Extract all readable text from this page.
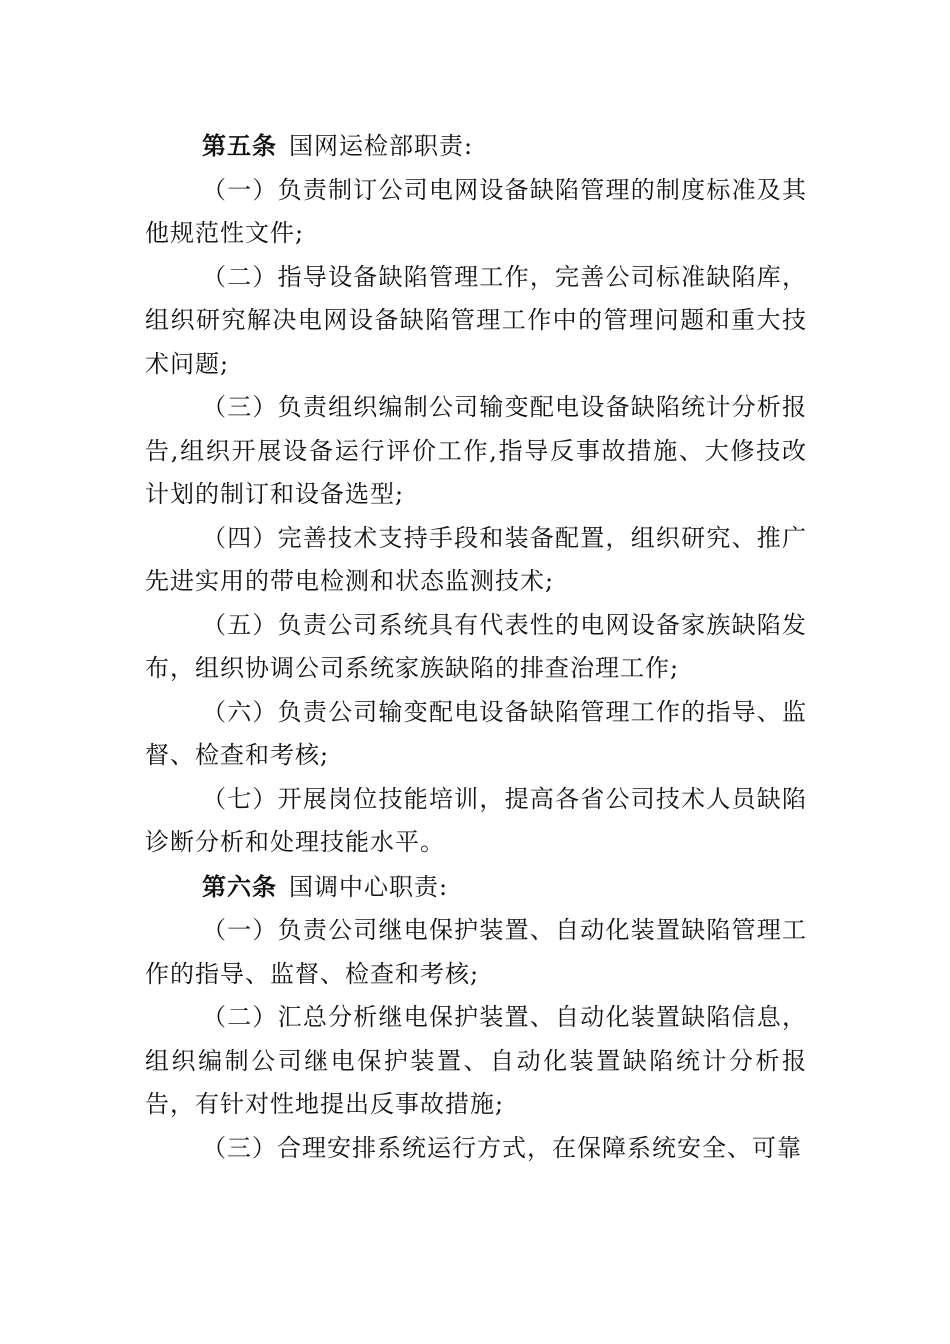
第五条 国网运检部职责:

（一）负责制订公司电网设备缺陷管理的制度标准及其他规范性文件;

（二）指导设备缺陷管理工作，完善公司标准缺陷库，组织研究解决电网设备缺陷管理工作中的管理问题和重大技术问题;

（三）负责组织编制公司输变配电设备缺陷统计分析报告,组织开展设备运行评价工作,指导反事故措施、大修技改计划的制订和设备选型;

（四）完善技术支持手段和装备配置，组织研究、推广先进实用的带电检测和状态监测技术;

（五）负责公司系统具有代表性的电网设备家族缺陷发布，组织协调公司系统家族缺陷的排查治理工作;

（六）负责公司输变配电设备缺陷管理工作的指导、监督、检查和考核;

（七）开展岗位技能培训，提高各省公司技术人员缺陷诊断分析和处理技能水平。

第六条 国调中心职责:

（一）负责公司继电保护装置、自动化装置缺陷管理工作的指导、监督、检查和考核;

（二）汇总分析继电保护装置、自动化装置缺陷信息，组织编制公司继电保护装置、自动化装置缺陷统计分析报告，有针对性地提出反事故措施;

（三）合理安排系统运行方式，在保障系统安全、可靠
